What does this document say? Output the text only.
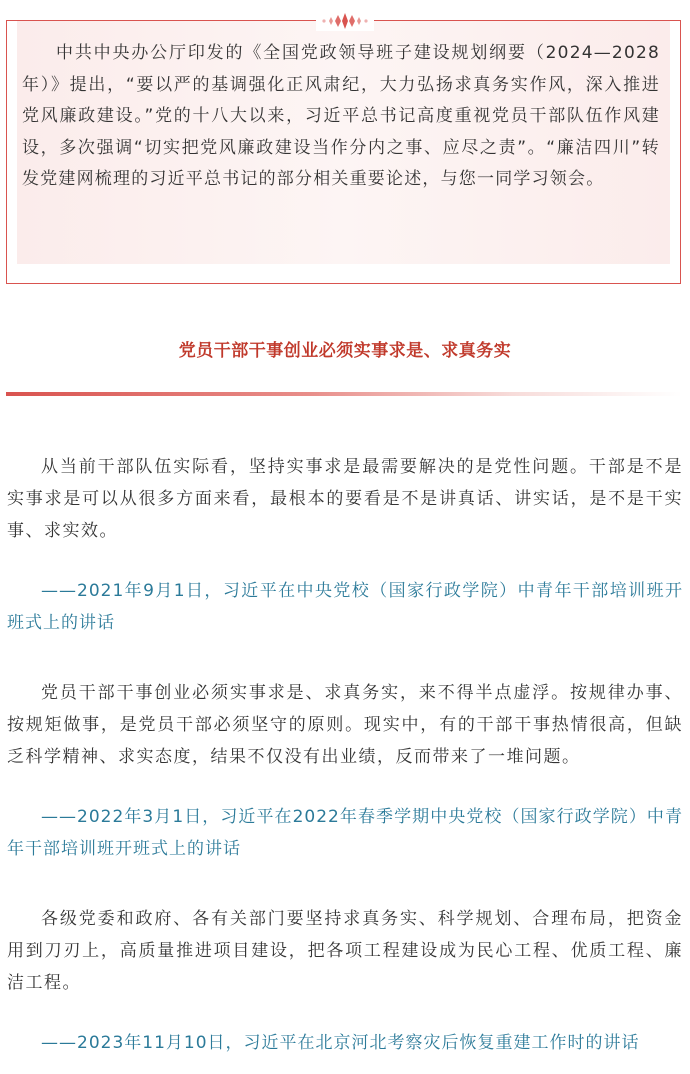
中共中央办公厅印发的《全国党政领导班子建设规划纲要（2024—2028年）》提出，“要以严的基调强化正风肃纪，大力弘扬求真务实作风，深入推进党风廉政建设。”党的十八大以来，习近平总书记高度重视党员干部队伍作风建设，多次强调“切实把党风廉政建设当作分内之事、应尽之责”。“廉洁四川”转发党建网梳理的习近平总书记的部分相关重要论述，与您一同学习领会。

党员干部干事创业必须实事求是、求真务实

从当前干部队伍实际看，坚持实事求是最需要解决的是党性问题。干部是不是实事求是可以从很多方面来看，最根本的要看是不是讲真话、讲实话，是不是干实事、求实效。

——2021年9月1日，习近平在中央党校（国家行政学院）中青年干部培训班开班式上的讲话

党员干部干事创业必须实事求是、求真务实，来不得半点虚浮。按规律办事、按规矩做事，是党员干部必须坚守的原则。现实中，有的干部干事热情很高，但缺乏科学精神、求实态度，结果不仅没有出业绩，反而带来了一堆问题。

——2022年3月1日，习近平在2022年春季学期中央党校（国家行政学院）中青年干部培训班开班式上的讲话

各级党委和政府、各有关部门要坚持求真务实、科学规划、合理布局，把资金用到刀刃上，高质量推进项目建设，把各项工程建设成为民心工程、优质工程、廉洁工程。

——2023年11月10日，习近平在北京河北考察灾后恢复重建工作时的讲话
